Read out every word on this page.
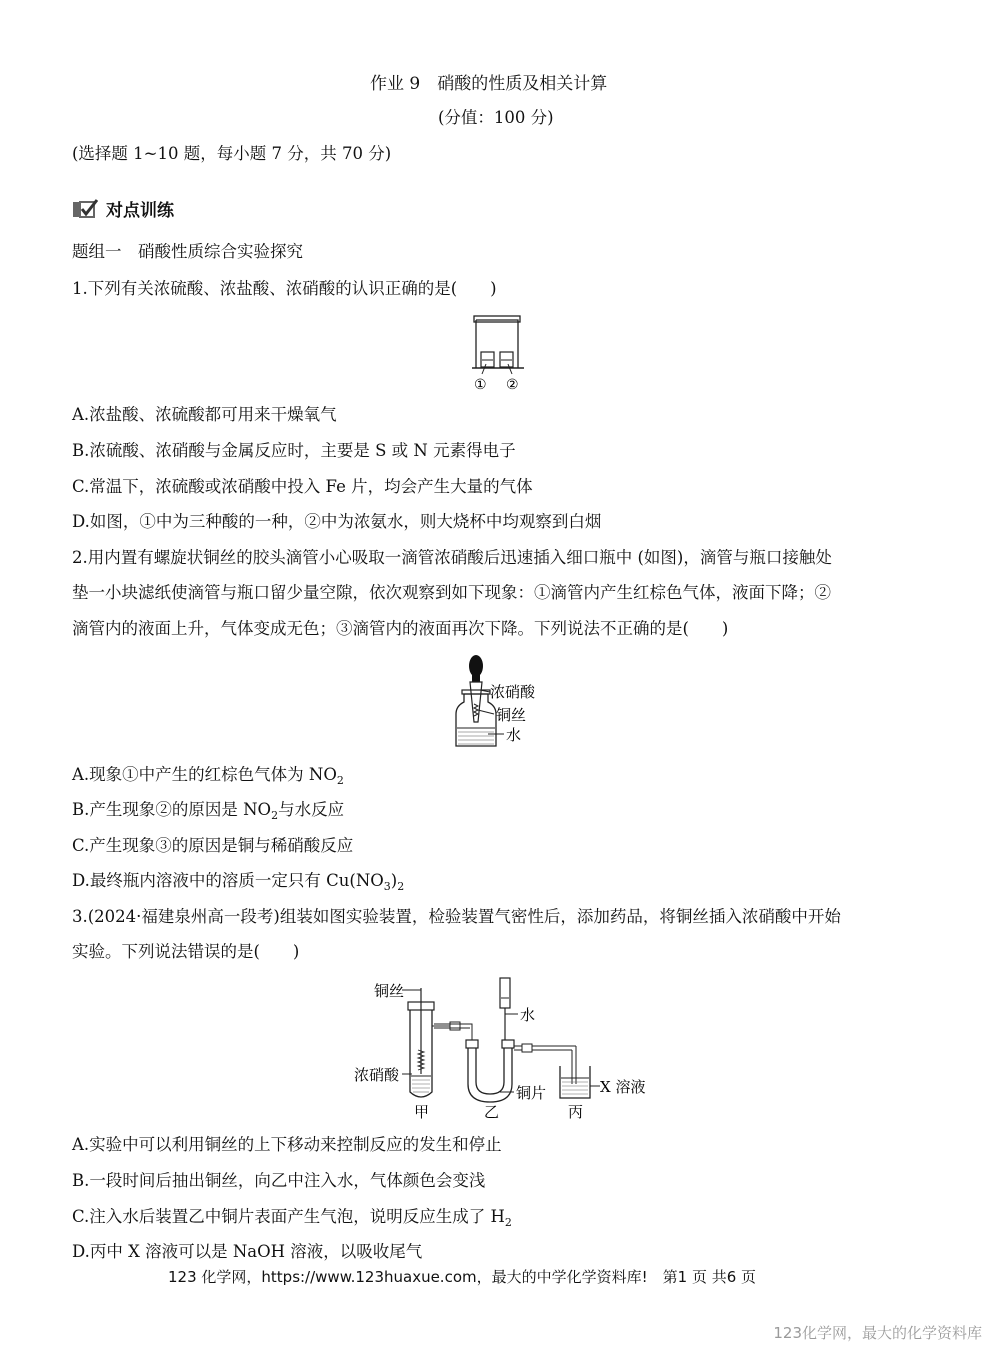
作业 9　硝酸的性质及相关计算
(分值：100 分)
(选择题 1~10 题，每小题 7 分，共 70 分)
对点训练
题组一　硝酸性质综合实验探究
1.下列有关浓硫酸、浓盐酸、浓硝酸的认识正确的是(　　)
① ②
A.浓盐酸、浓硫酸都可用来干燥氧气
B.浓硫酸、浓硝酸与金属反应时，主要是 S 或 N 元素得电子
C.常温下，浓硫酸或浓硝酸中投入 Fe 片，均会产生大量的气体
D.如图，①中为三种酸的一种，②中为浓氨水，则大烧杯中均观察到白烟
2.用内置有螺旋状铜丝的胶头滴管小心吸取一滴管浓硝酸后迅速插入细口瓶中 (如图)，滴管与瓶口接触处
垫一小块滤纸使滴管与瓶口留少量空隙，依次观察到如下现象：①滴管内产生红棕色气体，液面下降；②
滴管内的液面上升，气体变成无色；③滴管内的液面再次下降。下列说法不正确的是(　　)
浓硝酸
铜丝
水
A.现象①中产生的红棕色气体为 $NO_2$
B.产生现象②的原因是 $NO_2$与水反应
C.产生现象③的原因是铜与稀硝酸反应
D.最终瓶内溶液中的溶质一定只有 $Cu(NO_3)_2$
3.(2024·福建泉州高一段考)组装如图实验装置，检验装置气密性后，添加药品，将铜丝插入浓硝酸中开始
实验。下列说法错误的是(　　)
铜丝
水
浓硝酸
铜片	X 溶液
甲	乙	丙
A.实验中可以利用铜丝的上下移动来控制反应的发生和停止
B.一段时间后抽出铜丝，向乙中注入水，气体颜色会变浅
C.注入水后装置乙中铜片表面产生气泡，说明反应生成了 $H_2$
D.丙中 X 溶液可以是 NaOH 溶液，以吸收尾气
123 化学网，https://www.123huaxue.com，最大的中学化学资料库!　第1 页 共6 页
123化学网，最大的化学资料库
